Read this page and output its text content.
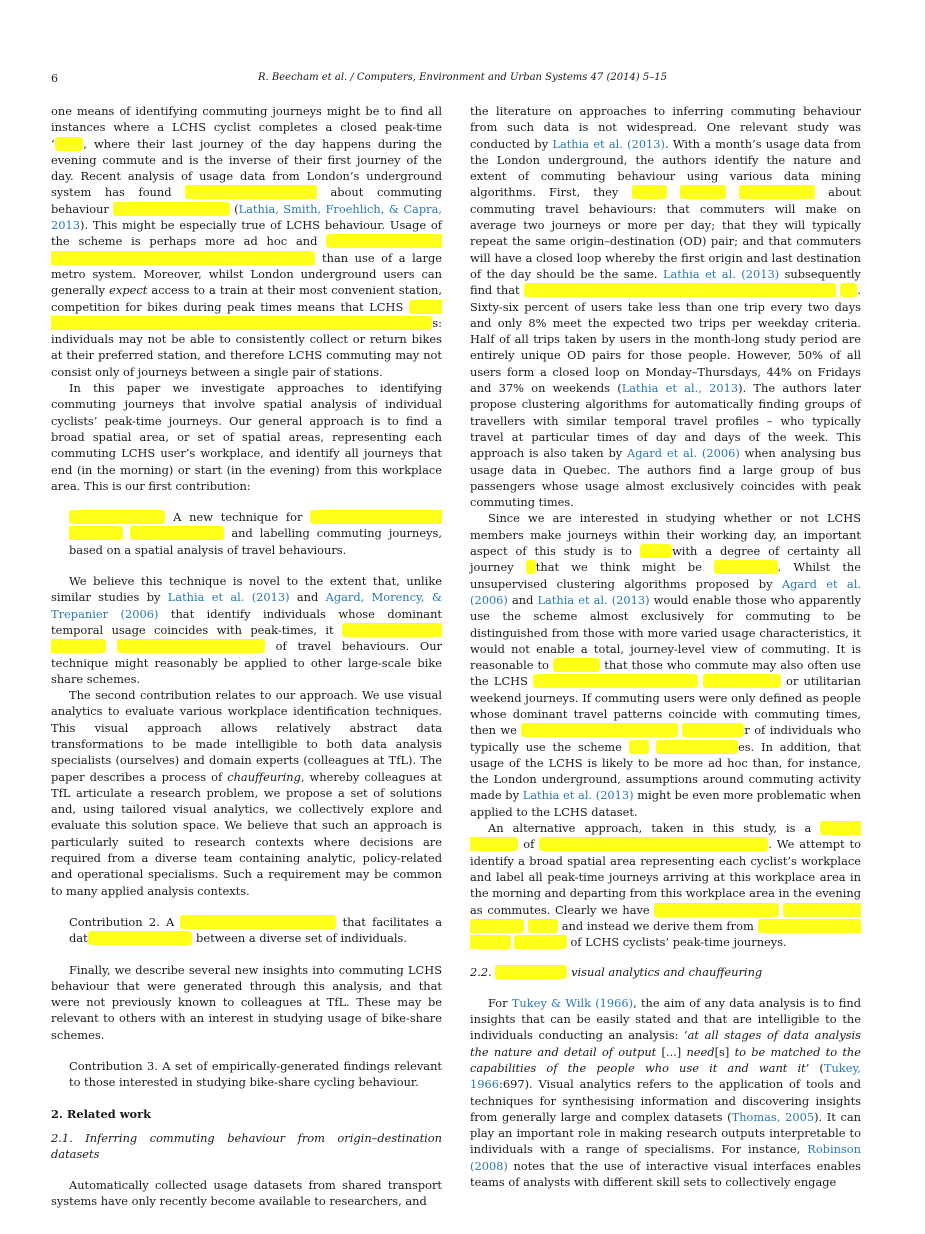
6	R. Beecham et al. / Computers, Environment and Urban Systems 47 (2014) 5–15

one means of identifying commuting journeys might be to find all instances where a LCHS cyclist completes a closed peak-time ‘	, where their last journey of the day happens during the evening commute and is the inverse of their first journey of the day. Recent analysis of usage data from London’s underground system has found	about commuting behaviour	(Lathia, Smith, Froehlich, & Capra, 2013). This might be especially true of LCHS behaviour. Usage of the scheme is perhaps more ad hoc and than use of a large metro system. Moreover, whilst London underground users can generally expect access to a train at their most convenient station, competition for bikes during peak times means that LCHS s: individuals may not be able to consistently collect or return bikes at their preferred station, and therefore LCHS commuting may not consist only of journeys between a single pair of stations.

In this paper we investigate approaches to identifying commuting journeys that involve spatial analysis of individual cyclists’ peak-time journeys. Our general approach is to find a broad spatial area, or set of spatial areas, representing each commuting LCHS user’s workplace, and identify all journeys that end (in the morning) or start (in the evening) from this workplace area. This is our first contribution:

A new technique for and labelling commuting journeys, based on a spatial analysis of travel behaviours.

We believe this technique is novel to the extent that, unlike similar studies by Lathia et al. (2013) and Agard, Morency, & Trepanier (2006) that identify individuals whose dominant temporal usage coincides with peak-times, it of travel behaviours. Our technique might reasonably be applied to other large-scale bike share schemes.

The second contribution relates to our approach. We use visual analytics to evaluate various workplace identification techniques. This visual approach allows relatively abstract data transformations to be made intelligible to both data analysis specialists (ourselves) and domain experts (colleagues at TfL). The paper describes a process of chauffeuring, whereby colleagues at TfL articulate a research problem, we propose a set of solutions and, using tailored visual analytics, we collectively explore and evaluate this solution space. We believe that such an approach is particularly suited to research contexts where decisions are required from a diverse team containing analytic, policy-related and operational specialisms. Such a requirement may be common to many applied analysis contexts.

Contribution 2. A	that facilitates a dat	between a diverse set of individuals.

Finally, we describe several new insights into commuting LCHS behaviour that were generated through this analysis, and that were not previously known to colleagues at TfL. These may be relevant to others with an interest in studying usage of bike-share schemes.

Contribution 3. A set of empirically-generated findings relevant to those interested in studying bike-share cycling behaviour.

2. Related work

2.1. Inferring commuting behaviour from origin–destination datasets

Automatically collected usage datasets from shared transport systems have only recently become available to researchers, and

the literature on approaches to inferring commuting behaviour from such data is not widespread. One relevant study was conducted by Lathia et al. (2013). With a month’s usage data from the London underground, the authors identify the nature and extent of commuting behaviour using various data mining algorithms. First, they	about commuting travel behaviours: that commuters will make on average two journeys or more per day; that they will typically repeat the same origin–destination (OD) pair; and that commuters will have a closed loop whereby the first origin and last destination of the day should be the same. Lathia et al. (2013) subsequently find that	. Sixty-six percent of users take less than one trip every two days and only 8% meet the expected two trips per weekday criteria. Half of all trips taken by users in the month-long study period are entirely unique OD pairs for those people. However, 50% of all users form a closed loop on Monday–Thursdays, 44% on Fridays and 37% on weekends (Lathia et al., 2013). The authors later propose clustering algorithms for automatically finding groups of travellers with similar temporal travel profiles – who typically travel at particular times of day and days of the week. This approach is also taken by Agard et al. (2006) when analysing bus usage data in Quebec. The authors find a large group of bus passengers whose usage almost exclusively coincides with peak commuting times.

Since we are interested in studying whether or not LCHS members make journeys within their working day, an important aspect of this study is to	with a degree of certainty all journey that we think might be	. Whilst the unsupervised clustering algorithms proposed by Agard et al. (2006) and Lathia et al. (2013) would enable those who apparently use the scheme almost exclusively for commuting to be distinguished from those with more varied usage characteristics, it would not enable a total, journey-level view of commuting. It is reasonable to	that those who commute may also often use the LCHS	or utilitarian weekend journeys. If commuting users were only defined as people whose dominant travel patterns coincide with commuting times, then we	r of individuals who typically use the scheme	es. In addition, that usage of the LCHS is likely to be more ad hoc than, for instance, the London underground, assumptions around commuting activity made by Lathia et al. (2013) might be even more problematic when applied to the LCHS dataset.

An alternative approach, taken in this study, is a of	. We attempt to identify a broad spatial area representing each cyclist’s workplace and label all peak-time journeys arriving at this workplace area in the morning and departing from this workplace area in the evening as commutes. Clearly we have and instead we derive them from of LCHS cyclists’ peak-time journeys.

2.2.	visual analytics and chauffeuring

For Tukey & Wilk (1966), the aim of any data analysis is to find insights that can be easily stated and that are intelligible to the individuals conducting an analysis: ‘at all stages of data analysis the nature and detail of output [...] need[s] to be matched to the capabilities of the people who use it and want it’ (Tukey, 1966:697). Visual analytics refers to the application of tools and techniques for synthesising information and discovering insights from generally large and complex datasets (Thomas, 2005). It can play an important role in making research outputs interpretable to individuals with a range of specialisms. For instance, Robinson (2008) notes that the use of interactive visual interfaces enables teams of analysts with different skill sets to collectively engage
